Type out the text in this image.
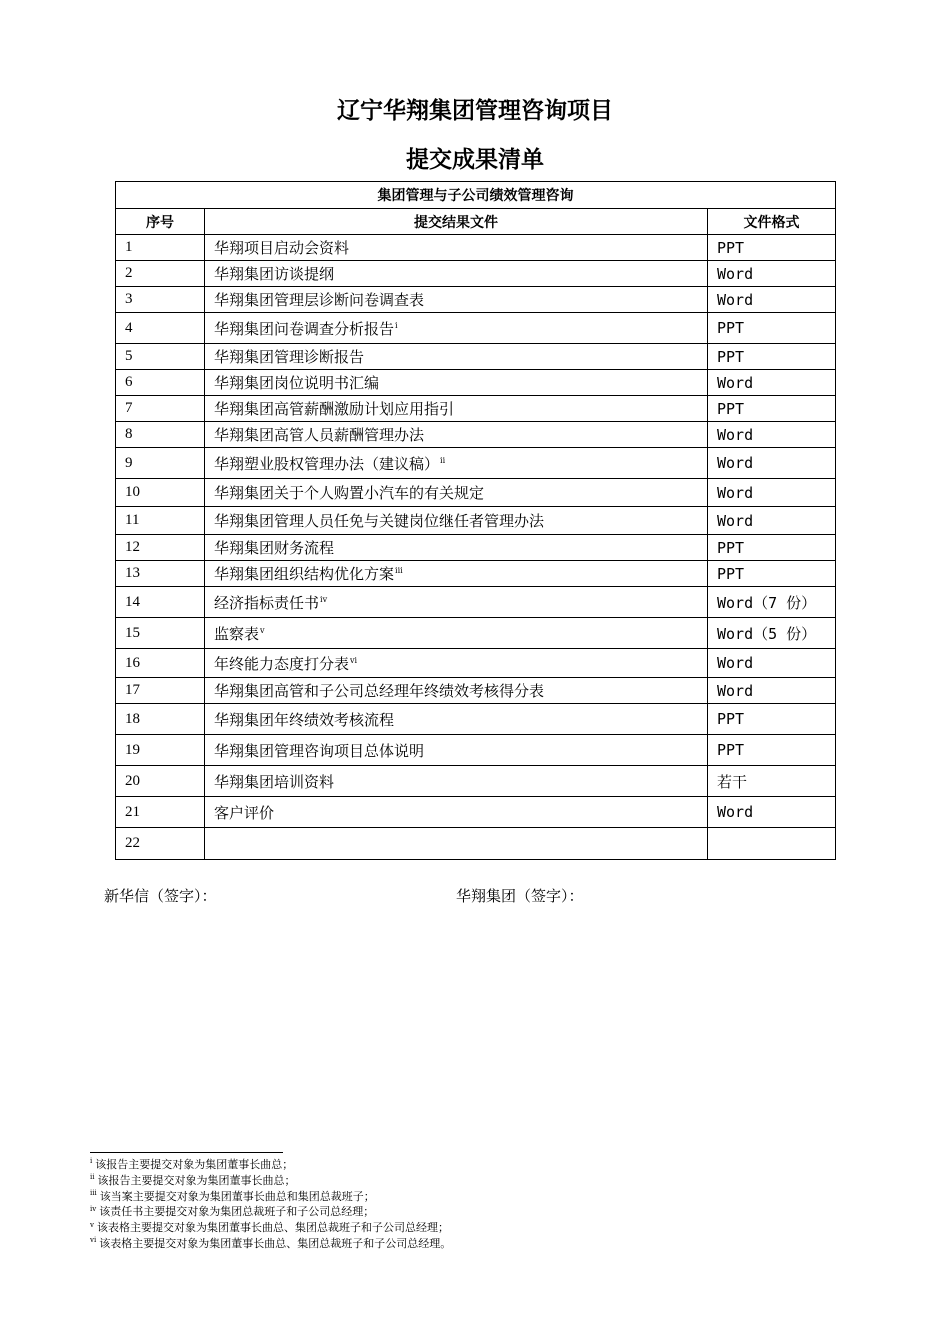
辽宁华翔集团管理咨询项目
提交成果清单
集团管理与子公司绩效管理咨询		
序号	提交结果文件	文件格式
1	华翔项目启动会资料	PPT
2	华翔集团访谈提纲	Word
3	华翔集团管理层诊断问卷调查表	Word
4	华翔集团问卷调查分析报告$^i$	PPT
5	华翔集团管理诊断报告	PPT
6	华翔集团岗位说明书汇编	Word
7	华翔集团高管薪酬激励计划应用指引	PPT
8	华翔集团高管人员薪酬管理办法	Word
9	华翔塑业股权管理办法（建议稿）$^{ii}$	Word
10	华翔集团关于个人购置小汽车的有关规定	Word
11	华翔集团管理人员任免与关键岗位继任者管理办法	Word
12	华翔集团财务流程	PPT
13	华翔集团组织结构优化方案$^{iii}$	PPT
14	经济指标责任书$^{iv}$	Word（7 份）
15	监察表$^v$	Word（5 份）
16	年终能力态度打分表$^{vi}$	Word
17	华翔集团高管和子公司总经理年终绩效考核得分表	Word
18	华翔集团年终绩效考核流程	PPT
19	华翔集团管理咨询项目总体说明	PPT
20	华翔集团培训资料	若干
21	客户评价	Word
22		
新华信（签字）：	华翔集团（签字）：
$^i$ 该报告主要提交对象为集团董事长曲总；
$^{ii}$ 该报告主要提交对象为集团董事长曲总；
$^{iii}$ 该当案主要提交对象为集团董事长曲总和集团总裁班子；
$^{iv}$ 该责任书主要提交对象为集团总裁班子和子公司总经理；
$^v$ 该表格主要提交对象为集团董事长曲总、集团总裁班子和子公司总经理；
$^{vi}$ 该表格主要提交对象为集团董事长曲总、集团总裁班子和子公司总经理。
